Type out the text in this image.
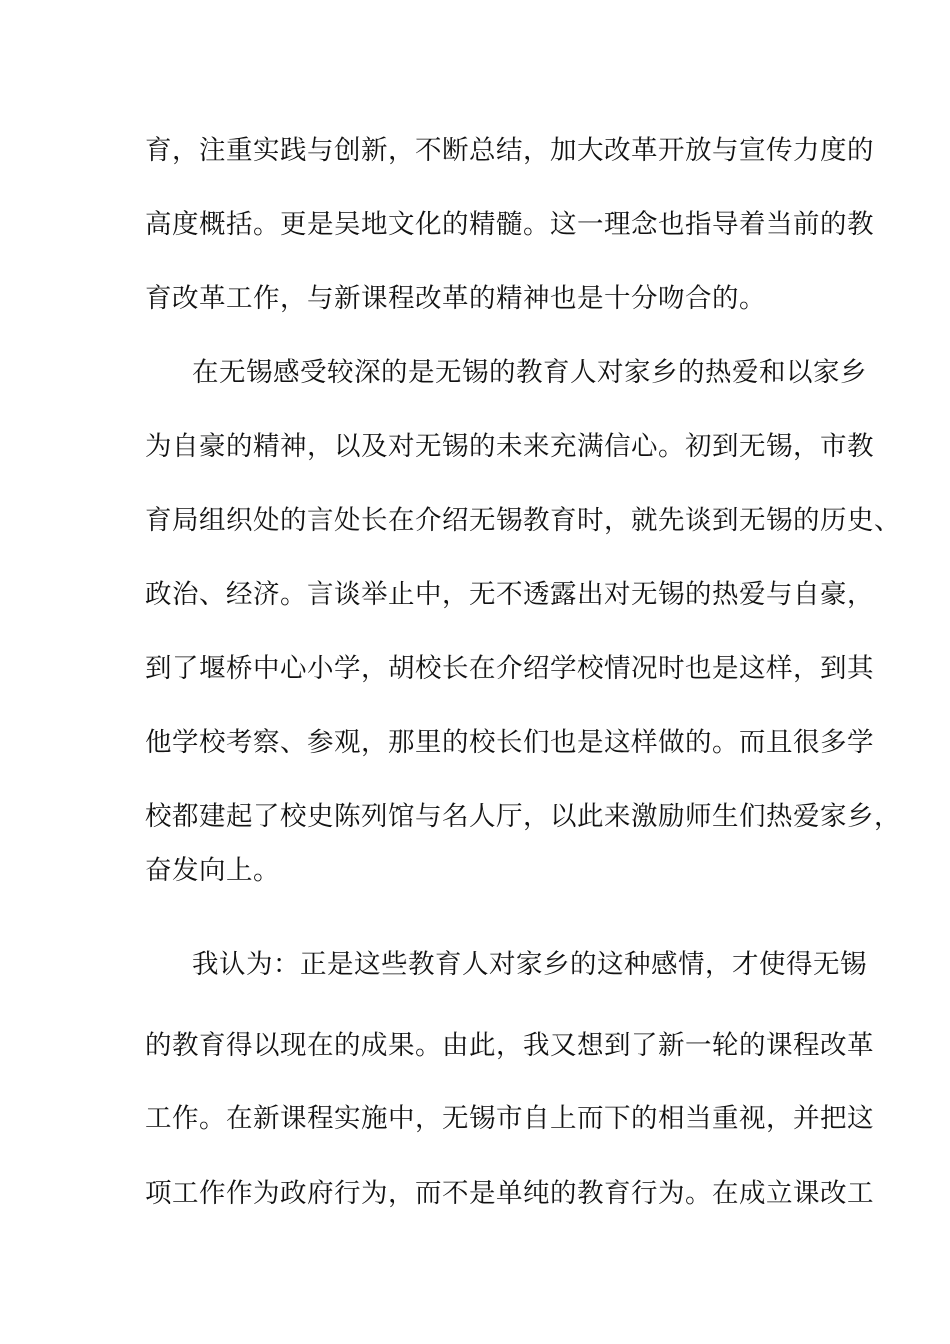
育，注重实践与创新，不断总结，加大改革开放与宣传力度的
高度概括。更是吴地文化的精髓。这一理念也指导着当前的教
育改革工作，与新课程改革的精神也是十分吻合的。
在无锡感受较深的是无锡的教育人对家乡的热爱和以家乡
为自豪的精神，以及对无锡的未来充满信心。初到无锡，市教
育局组织处的言处长在介绍无锡教育时，就先谈到无锡的历史、
政治、经济。言谈举止中，无不透露出对无锡的热爱与自豪，
到了堰桥中心小学，胡校长在介绍学校情况时也是这样，到其
他学校考察、参观，那里的校长们也是这样做的。而且很多学
校都建起了校史陈列馆与名人厅，以此来激励师生们热爱家乡，
奋发向上。
我认为：正是这些教育人对家乡的这种感情，才使得无锡
的教育得以现在的成果。由此，我又想到了新一轮的课程改革
工作。在新课程实施中，无锡市自上而下的相当重视，并把这
项工作作为政府行为，而不是单纯的教育行为。在成立课改工
